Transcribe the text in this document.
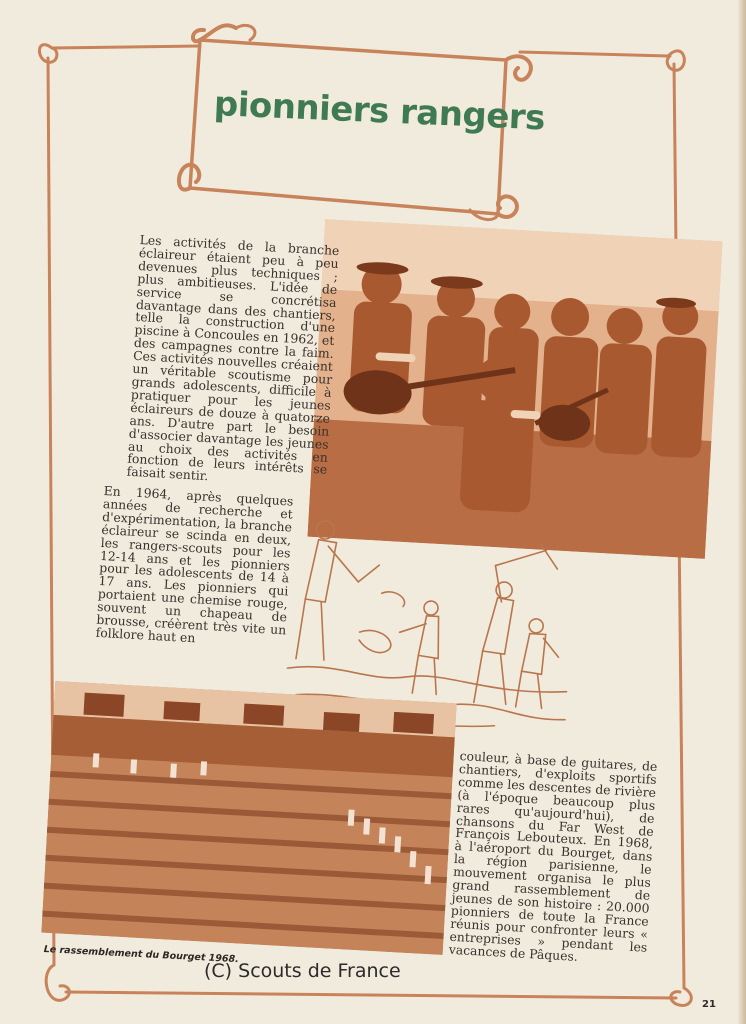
pionniers rangers
Les activités de la branche éclaireur étaient peu à peu devenues plus techniques ; plus ambitieuses. L'idée de service se concrétisa davantage dans des chantiers, telle la construction d'une piscine à Concoules en 1962, et des campagnes contre la faim. Ces activités nouvelles créaient un véritable scoutisme pour grands adolescents, difficile à pratiquer pour les jeunes éclaireurs de douze à quatorze ans. D'autre part le besoin d'associer davantage les jeunes au choix des activités en fonction de leurs intérêts se faisait sentir.
En 1964, après quelques années de recherche et d'expérimentation, la branche éclaireur se scinda en deux, les rangers-scouts pour les 12-14 ans et les pionniers pour les adolescents de 14 à 17 ans. Les pionniers qui portaient une chemise rouge, souvent un chapeau de brousse, créèrent très vite un folklore haut en
couleur, à base de guitares, de chantiers, d'exploits sportifs comme les descentes de rivière (à l'époque beaucoup plus rares qu'aujourd'hui), de chansons du Far West de François Lebouteux. En 1968, à l'aéroport du Bourget, dans la région parisienne, le mouvement organisa le plus grand rassemblement de jeunes de son histoire : 20.000 pionniers de toute la France réunis pour confronter leurs « entreprises » pendant les vacances de Pâques.
Le rassemblement du Bourget 1968.
(C) Scouts de France
21
